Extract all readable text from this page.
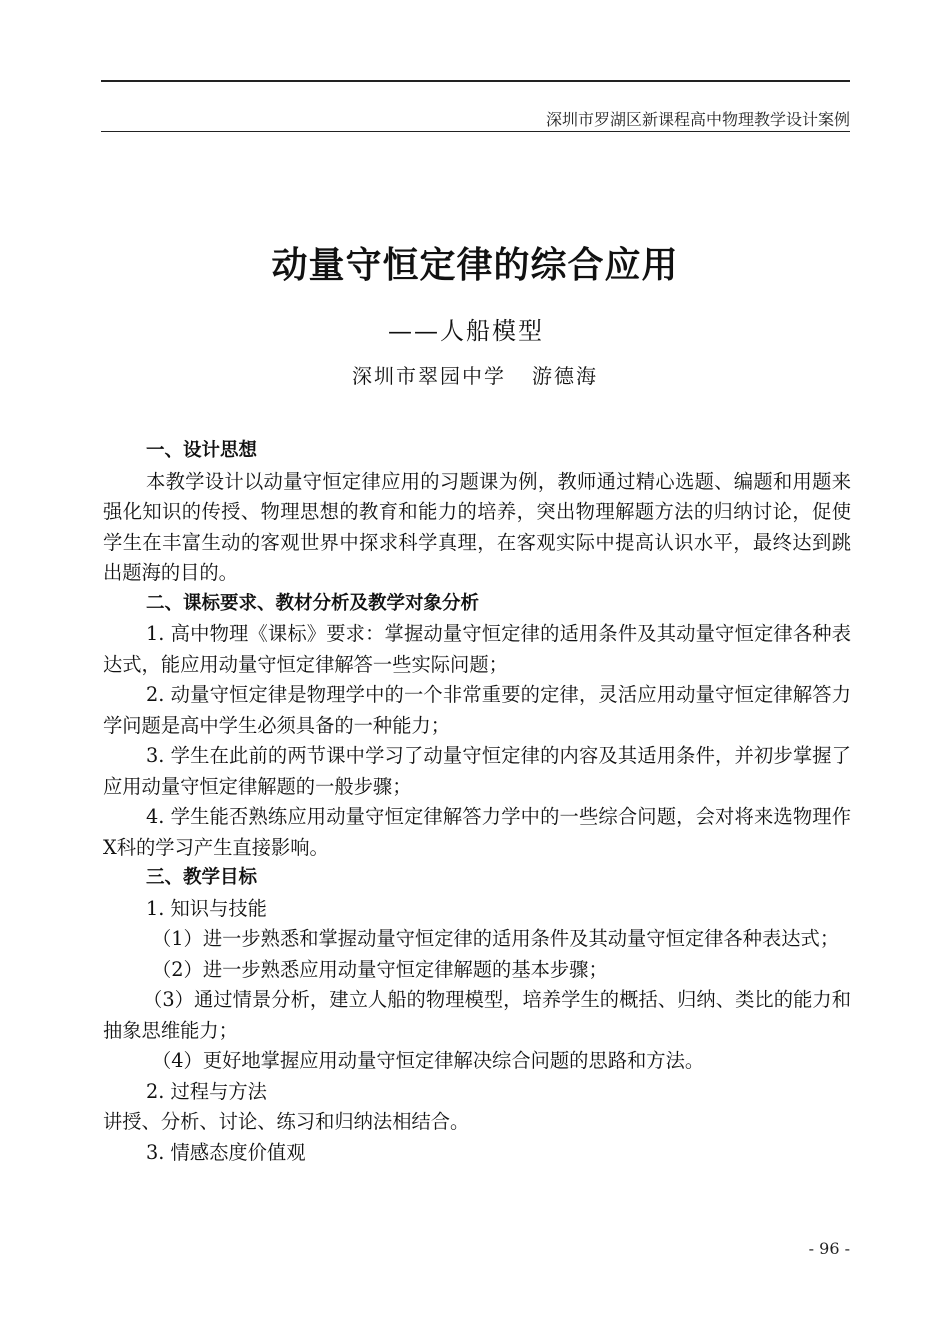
深圳市罗湖区新课程高中物理教学设计案例
动量守恒定律的综合应用
——人船模型
深圳市翠园中学 游德海

一、设计思想

本教学设计以动量守恒定律应用的习题课为例，教师通过精心选题、编题和用题来强化知识的传授、物理思想的教育和能力的培养，突出物理解题方法的归纳讨论，促使学生在丰富生动的客观世界中探求科学真理，在客观实际中提高认识水平，最终达到跳出题海的目的。

二、课标要求、教材分析及教学对象分析

1. 高中物理《课标》要求：掌握动量守恒定律的适用条件及其动量守恒定律各种表达式，能应用动量守恒定律解答一些实际问题；

2. 动量守恒定律是物理学中的一个非常重要的定律，灵活应用动量守恒定律解答力学问题是高中学生必须具备的一种能力；

3. 学生在此前的两节课中学习了动量守恒定律的内容及其适用条件，并初步掌握了应用动量守恒定律解题的一般步骤；

4. 学生能否熟练应用动量守恒定律解答力学中的一些综合问题，会对将来选物理作X科的学习产生直接影响。

三、教学目标

1. 知识与技能

（1）进一步熟悉和掌握动量守恒定律的适用条件及其动量守恒定律各种表达式；

（2）进一步熟悉应用动量守恒定律解题的基本步骤；

（3）通过情景分析，建立人船的物理模型，培养学生的概括、归纳、类比的能力和抽象思维能力；

（4）更好地掌握应用动量守恒定律解决综合问题的思路和方法。

2. 过程与方法

讲授、分析、讨论、练习和归纳法相结合。

3. 情感态度价值观

- 96 -
